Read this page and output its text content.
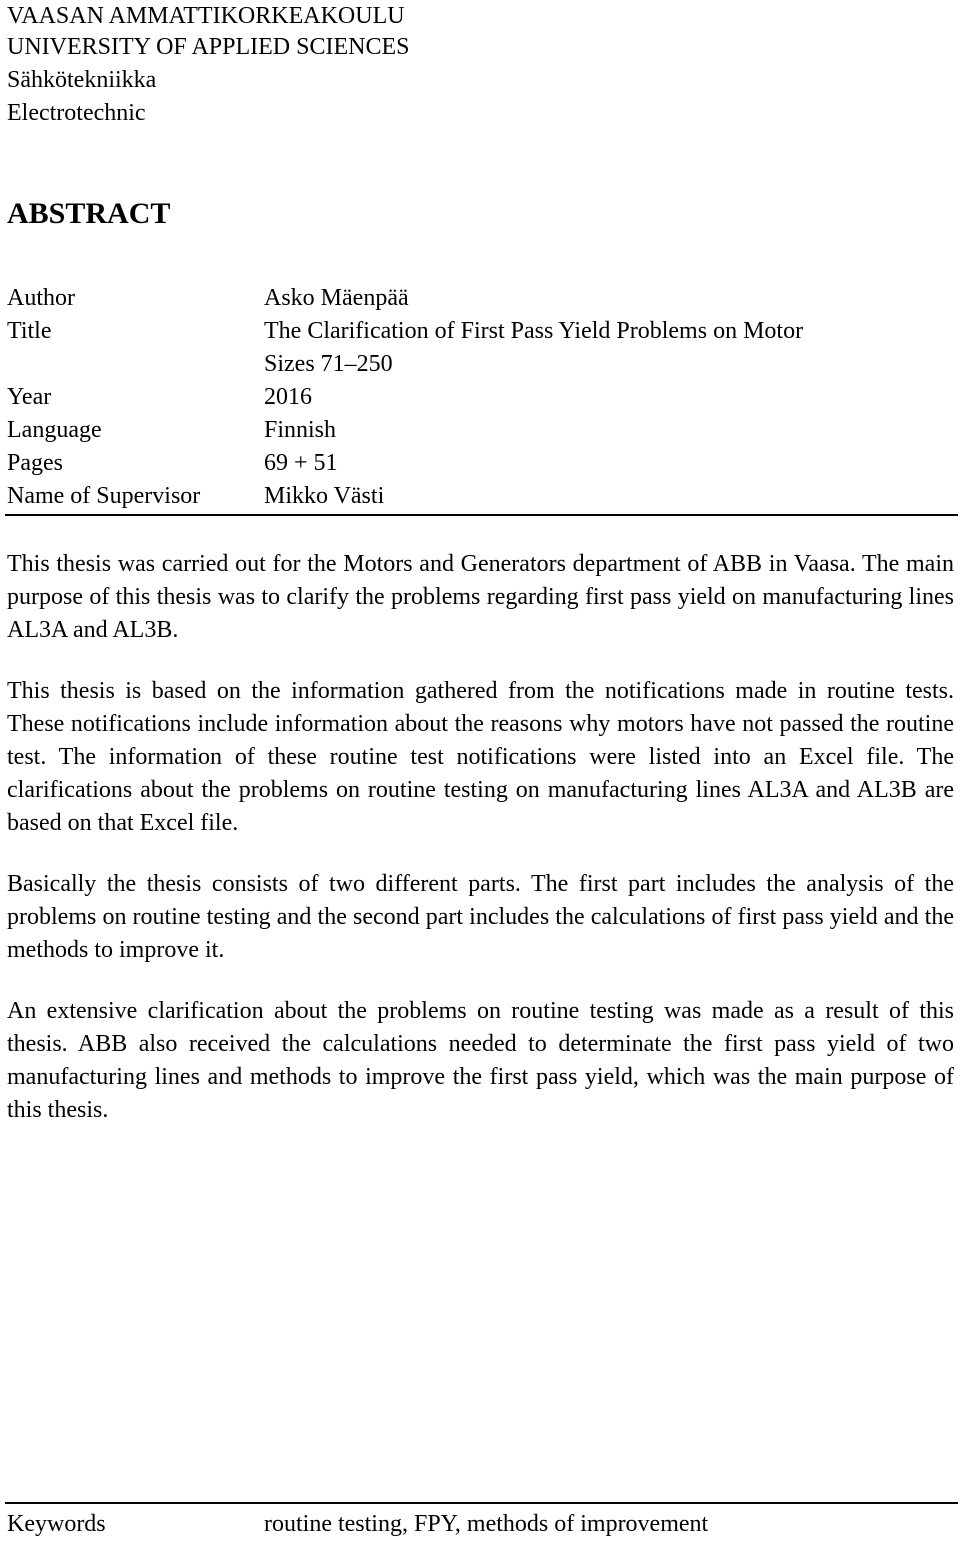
VAASAN AMMATTIKORKEAKOULU
UNIVERSITY OF APPLIED SCIENCES
Sähkötekniikka
Electrotechnic
ABSTRACT
Author	Asko Mäenpää
Title	The Clarification of First Pass Yield Problems on Motor
Sizes 71–250
Year	2016
Language	Finnish
Pages	69 + 51
Name of Supervisor	Mikko Västi

This thesis was carried out for the Motors and Generators department of ABB in Vaasa. The main purpose of this thesis was to clarify the problems regarding first pass yield on manufacturing lines AL3A and AL3B.

This thesis is based on the information gathered from the notifications made in routine tests. These notifications include information about the reasons why motors have not passed the routine test. The information of these routine test notifications were listed into an Excel file. The clarifications about the problems on routine testing on manufacturing lines AL3A and AL3B are based on that Excel file.

Basically the thesis consists of two different parts. The first part includes the analysis of the problems on routine testing and the second part includes the calculations of first pass yield and the methods to improve it.

An extensive clarification about the problems on routine testing was made as a result of this thesis. ABB also received the calculations needed to determinate the first pass yield of two manufacturing lines and methods to improve the first pass yield, which was the main purpose of this thesis.

Keywords	routine testing, FPY, methods of improvement
